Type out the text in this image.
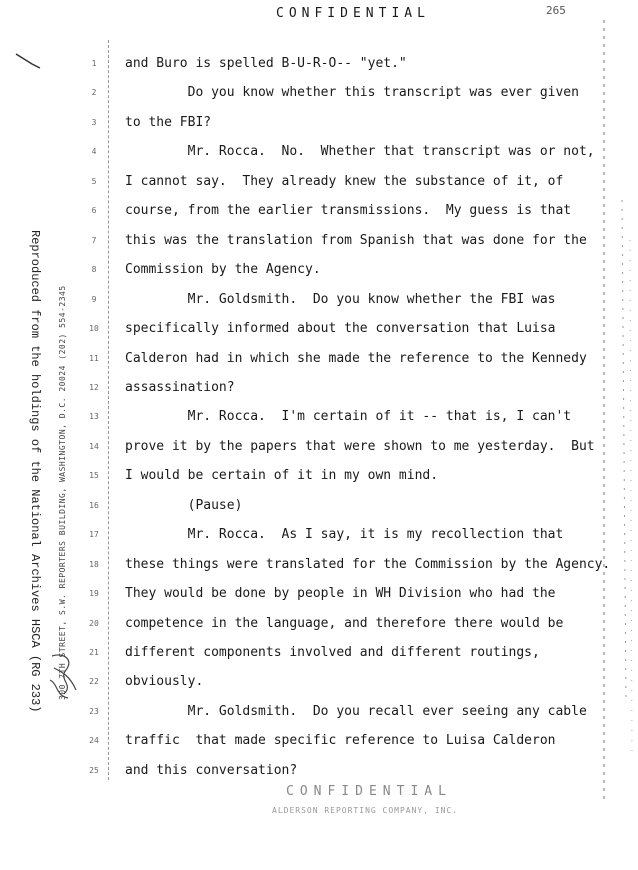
CONFIDENTIAL	265
Reproduced from the holdings of the National Archives HSCA (RG 233) 300 7TH STREET, S.W. REPORTERS BUILDING, WASHINGTON, D.C. 20024 (202) 554-2345
1 and Buro is spelled B-U-R-O-- "yet."
2 Do you know whether this transcript was ever given
3 to the FBI?
4 Mr. Rocca.  No.  Whether that transcript was or not,
5 I cannot say.  They already knew the substance of it, of
6 course, from the earlier transmissions.  My guess is that
7 this was the translation from Spanish that was done for the
8 Commission by the Agency.
9 Mr. Goldsmith.  Do you know whether the FBI was
10 specifically informed about the conversation that Luisa
11 Calderon had in which she made the reference to the Kennedy
12 assassination?
13 Mr. Rocca.  I'm certain of it -- that is, I can't
14 prove it by the papers that were shown to me yesterday.  But
15 I would be certain of it in my own mind.
16 (Pause)
17 Mr. Rocca.  As I say, it is my recollection that
18 these things were translated for the Commission by the Agency.
19 They would be done by people in WH Division who had the
20 competence in the language, and therefore there would be
21 different components involved and different routings,
22 obviously.
23 Mr. Goldsmith.  Do you recall ever seeing any cable
24 traffic  that made specific reference to Luisa Calderon
25 and this conversation?
CONFIDENTIAL
ALDERSON REPORTING COMPANY, INC.
